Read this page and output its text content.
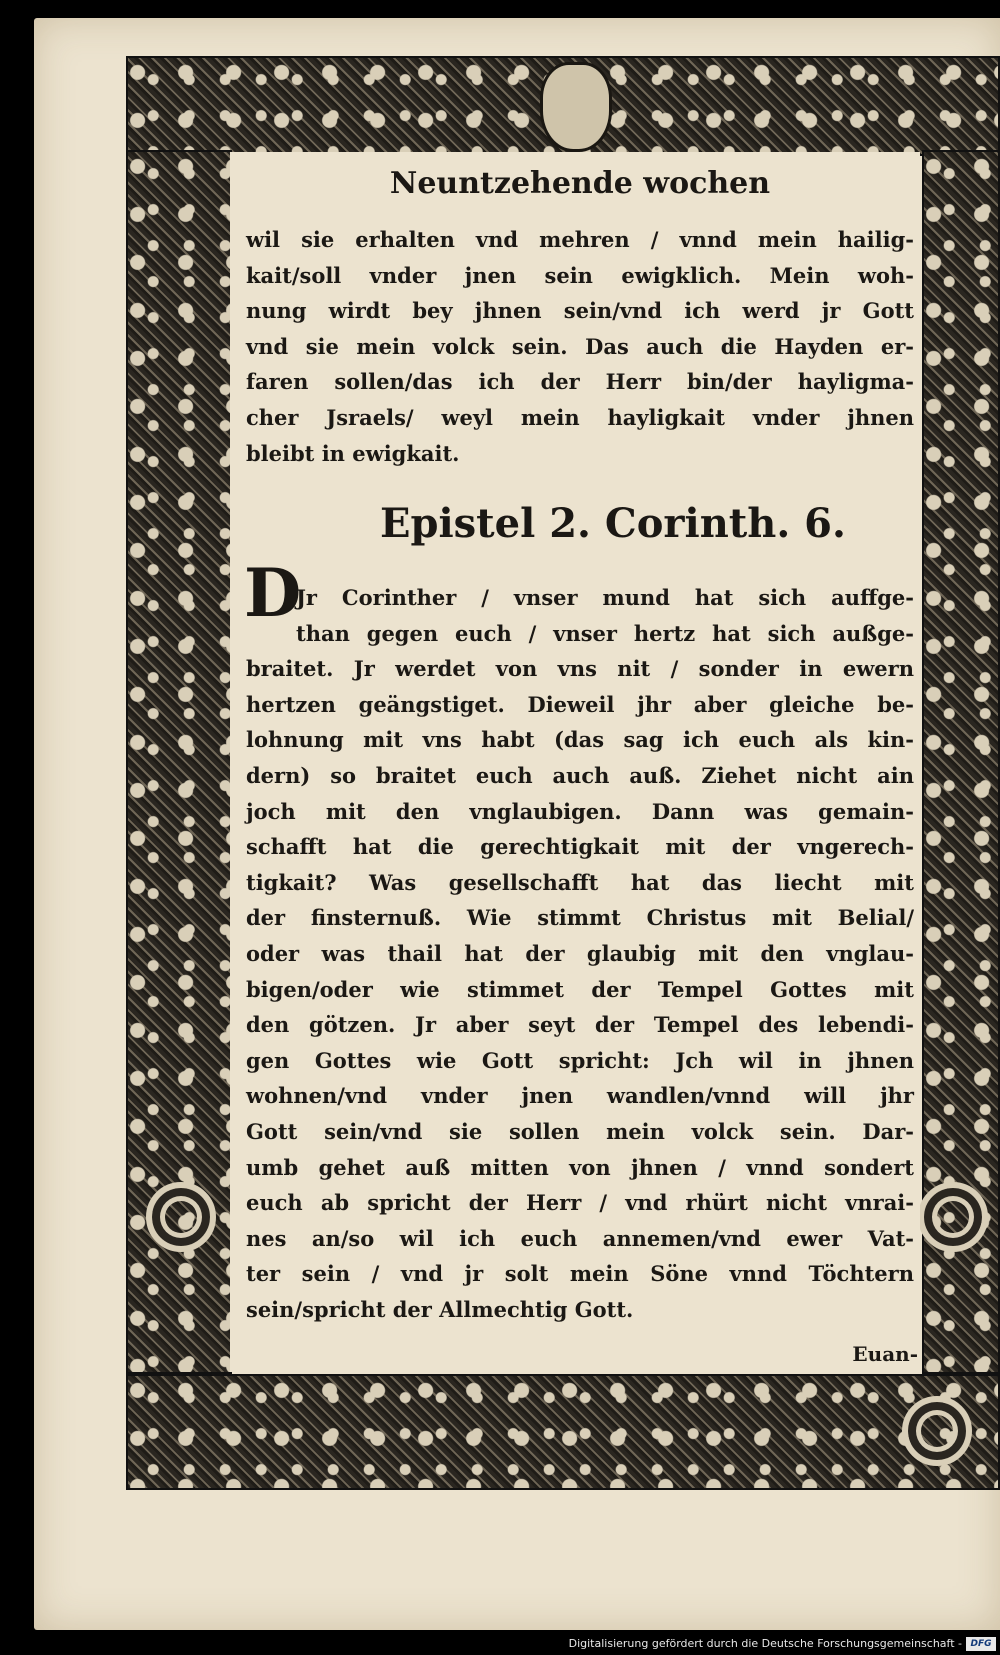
Neuntzehende wochen
wil sie erhalten vnd mehren / vnnd mein hailig-
kait/soll vnder jnen sein ewigklich. Mein woh-
nung wirdt bey jhnen sein/vnd ich werd jr Gott
vnd sie mein volck sein. Das auch die Hayden er-
faren sollen/das ich der Herr bin/der hayligma-
cher Jsraels/ weyl mein hayligkait vnder jhnen
bleibt in ewigkait.
Epistel 2. Corinth. 6.
D
Jr Corinther / vnser mund hat sich auffge-
than gegen euch / vnser hertz hat sich außge-
braitet. Jr werdet von vns nit / sonder in ewern
hertzen geängstiget. Dieweil jhr aber gleiche be-
lohnung mit vns habt (das sag ich euch als kin-
dern) so braitet euch auch auß. Ziehet nicht ain
joch mit den vnglaubigen. Dann was gemain-
schafft hat die gerechtigkait mit der vngerech-
tigkait? Was gesellschafft hat das liecht mit
der finsternuß. Wie stimmt Christus mit Belial/
oder was thail hat der glaubig mit den vnglau-
bigen/oder wie stimmet der Tempel Gottes mit
den götzen. Jr aber seyt der Tempel des lebendi-
gen Gottes wie Gott spricht: Jch wil in jhnen
wohnen/vnd vnder jnen wandlen/vnnd will jhr
Gott sein/vnd sie sollen mein volck sein. Dar-
umb gehet auß mitten von jhnen / vnnd sondert
euch ab spricht der Herr / vnd rhürt nicht vnrai-
nes an/so wil ich euch annemen/vnd ewer Vat-
ter sein / vnd jr solt mein Söne vnnd Töchtern
sein/spricht der Allmechtig Gott.
Euan-
Digitalisierung gefördert durch die Deutsche Forschungsgemeinschaft - DFG
